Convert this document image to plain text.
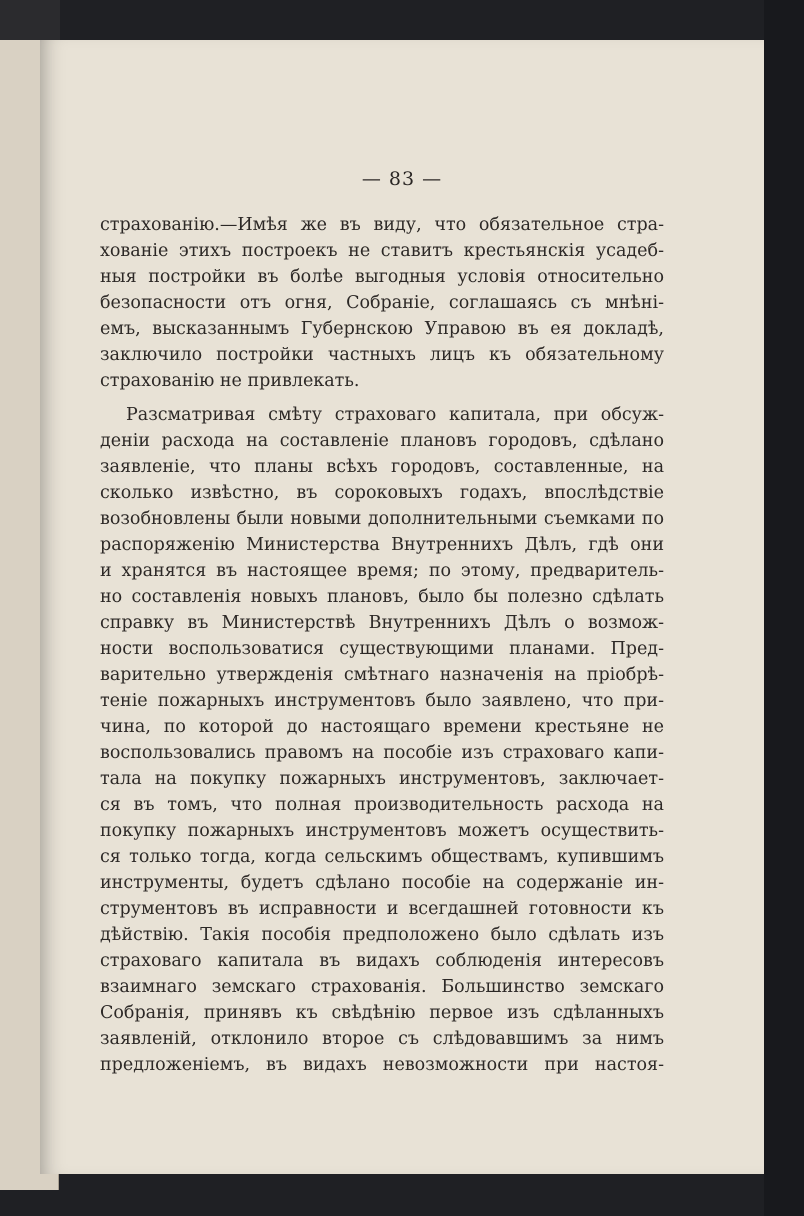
— 83 —
страхованію.—Имѣя же въ виду, что обязательное стра-
хованіе этихъ построекъ не ставитъ крестьянскія усадеб-
ныя постройки въ болѣе выгодныя условія относительно
безопасности отъ огня, Собраніе, соглашаясь съ мнѣні-
емъ, высказаннымъ Губернскою Управою въ ея докладѣ,
заключило постройки частныхъ лицъ къ обязательному
страхованію не привлекать.
Разсматривая смѣту страховаго капитала, при обсуж-
деніи расхода на составленіе плановъ городовъ, сдѣлано
заявленіе, что планы всѣхъ городовъ, составленные, на
сколько извѣстно, въ сороковыхъ годахъ, впослѣдствіе
возобновлены были новыми дополнительными съемками по
распоряженію Министерства Внутреннихъ Дѣлъ, гдѣ они
и хранятся въ настоящее время; по этому, предваритель-
но составленія новыхъ плановъ, было бы полезно сдѣлать
справку въ Министерствѣ Внутреннихъ Дѣлъ о возмож-
ности воспользоватися существующими планами. Пред-
варительно утвержденія смѣтнаго назначенія на пріобрѣ-
теніе пожарныхъ инструментовъ было заявлено, что при-
чина, по которой до настоящаго времени крестьяне не
воспользовались правомъ на пособіе изъ страховаго капи-
тала на покупку пожарныхъ инструментовъ, заключает-
ся въ томъ, что полная производительность расхода на
покупку пожарныхъ инструментовъ можетъ осуществить-
ся только тогда, когда сельскимъ обществамъ, купившимъ
инструменты, будетъ сдѣлано пособіе на содержаніе ин-
струментовъ въ исправности и всегдашней готовности къ
дѣйствію. Такія пособія предположено было сдѣлать изъ
страховаго капитала въ видахъ соблюденія интересовъ
взаимнаго земскаго страхованія. Большинство земскаго
Собранія, принявъ къ свѣдѣнію первое изъ сдѣланныхъ
заявленій, отклонило второе съ слѣдовавшимъ за нимъ
предложеніемъ, въ видахъ невозможности при настоя-
